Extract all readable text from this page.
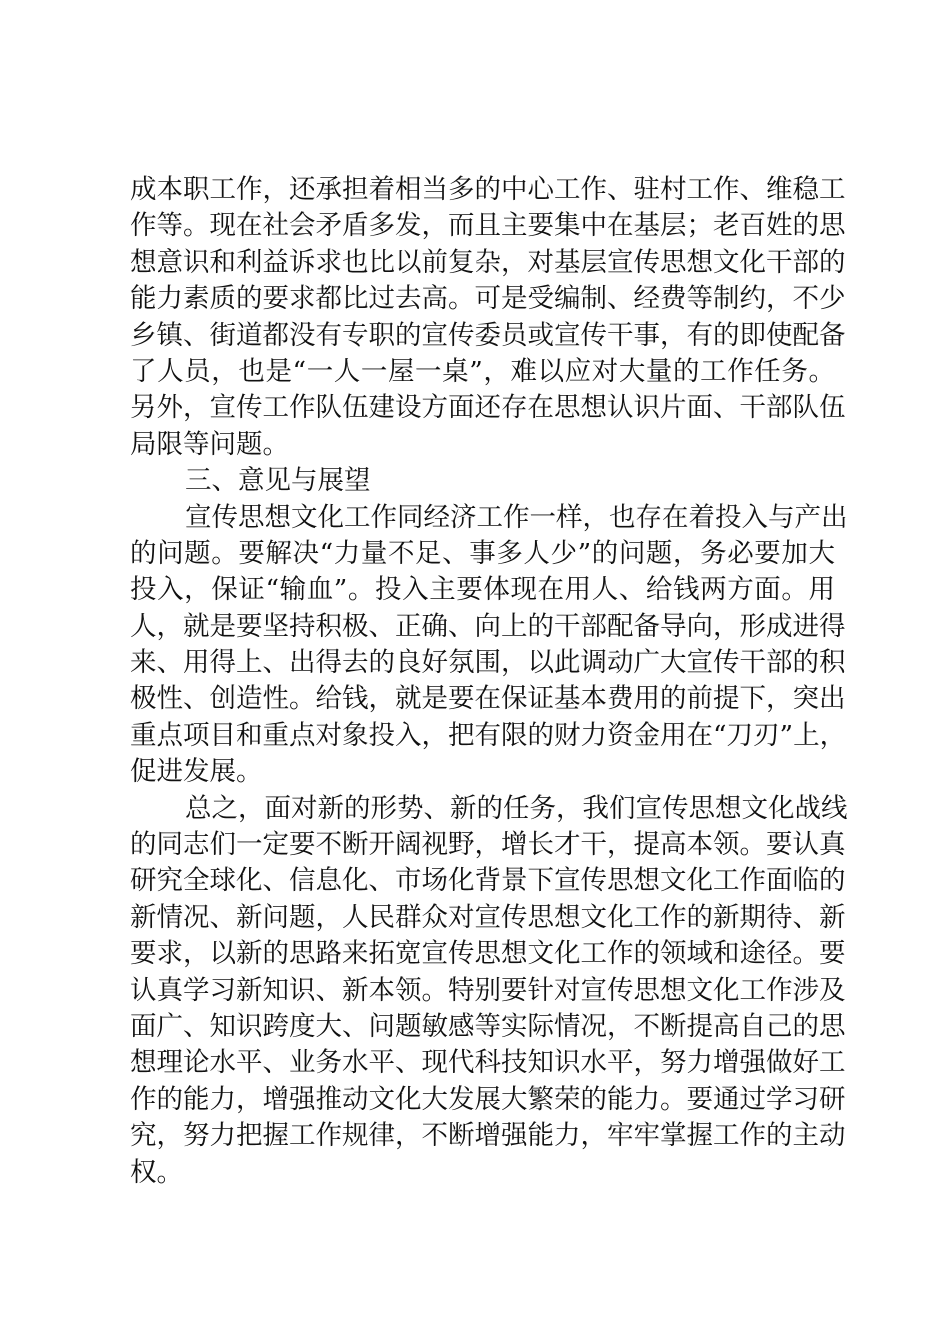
成本职工作，还承担着相当多的中心工作、驻村工作、维稳工
作等。现在社会矛盾多发，而且主要集中在基层；老百姓的思
想意识和利益诉求也比以前复杂，对基层宣传思想文化干部的
能力素质的要求都比过去高。可是受编制、经费等制约，不少
乡镇、街道都没有专职的宣传委员或宣传干事，有的即使配备
了人员，也是“一人一屋一桌”，难以应对大量的工作任务。
另外，宣传工作队伍建设方面还存在思想认识片面、干部队伍
局限等问题。
三、意见与展望
宣传思想文化工作同经济工作一样，也存在着投入与产出
的问题。要解决“力量不足、事多人少”的问题，务必要加大
投入，保证“输血”。投入主要体现在用人、给钱两方面。用
人，就是要坚持积极、正确、向上的干部配备导向，形成进得
来、用得上、出得去的良好氛围，以此调动广大宣传干部的积
极性、创造性。给钱，就是要在保证基本费用的前提下，突出
重点项目和重点对象投入，把有限的财力资金用在“刀刃”上，
促进发展。
总之，面对新的形势、新的任务，我们宣传思想文化战线
的同志们一定要不断开阔视野，增长才干，提高本领。要认真
研究全球化、信息化、市场化背景下宣传思想文化工作面临的
新情况、新问题，人民群众对宣传思想文化工作的新期待、新
要求，以新的思路来拓宽宣传思想文化工作的领域和途径。要
认真学习新知识、新本领。特别要针对宣传思想文化工作涉及
面广、知识跨度大、问题敏感等实际情况，不断提高自己的思
想理论水平、业务水平、现代科技知识水平，努力增强做好工
作的能力，增强推动文化大发展大繁荣的能力。要通过学习研
究，努力把握工作规律，不断增强能力，牢牢掌握工作的主动
权。
